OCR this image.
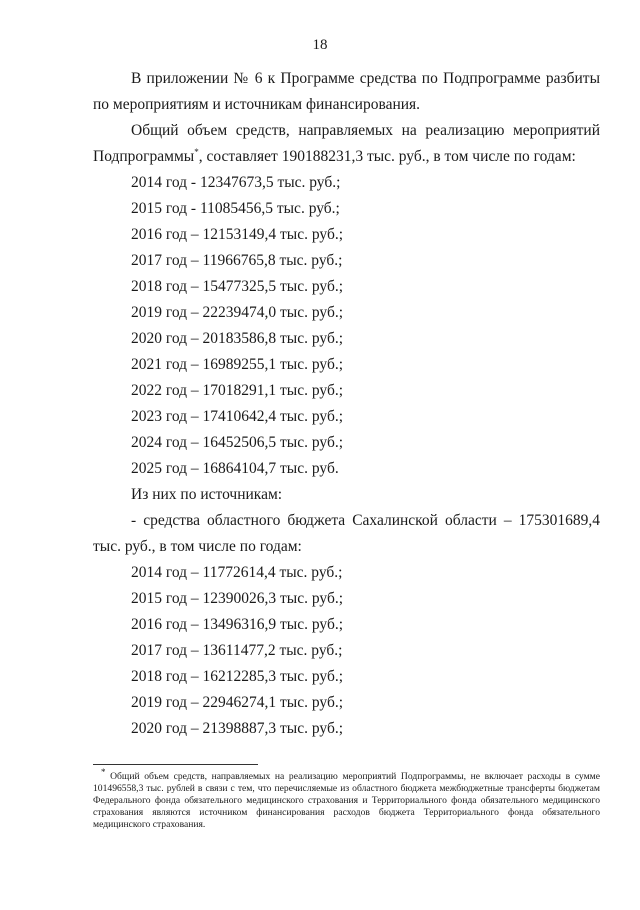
18

В приложении № 6 к Программе средства по Подпрограмме разбиты по мероприятиям и источникам финансирования.

Общий объем средств, направляемых на реализацию мероприятий Подпрограммы*, составляет 190188231,3 тыс. руб., в том числе по годам:

2014 год - 12347673,5 тыс. руб.;

2015 год - 11085456,5 тыс. руб.;

2016 год – 12153149,4 тыс. руб.;

2017 год – 11966765,8 тыс. руб.;

2018 год – 15477325,5 тыс. руб.;

2019 год – 22239474,0 тыс. руб.;

2020 год – 20183586,8 тыс. руб.;

2021 год – 16989255,1 тыс. руб.;

2022 год – 17018291,1 тыс. руб.;

2023 год – 17410642,4 тыс. руб.;

2024 год – 16452506,5 тыс. руб.;

2025 год – 16864104,7 тыс. руб.

Из них по источникам:

- средства областного бюджета Сахалинской области – 175301689,4 тыс. руб., в том числе по годам:

2014 год – 11772614,4 тыс. руб.;

2015 год – 12390026,3 тыс. руб.;

2016 год – 13496316,9 тыс. руб.;

2017 год – 13611477,2 тыс. руб.;

2018 год – 16212285,3 тыс. руб.;

2019 год – 22946274,1 тыс. руб.;

2020 год – 21398887,3 тыс. руб.;

* Общий объем средств, направляемых на реализацию мероприятий Подпрограммы, не включает расходы в сумме 101496558,3 тыс. рублей в связи с тем, что перечисляемые из областного бюджета межбюджетные трансферты бюджетам Федерального фонда обязательного медицинского страхования и Территориального фонда обязательного медицинского страхования являются источником финансирования расходов бюджета Территориального фонда обязательного медицинского страхования.
